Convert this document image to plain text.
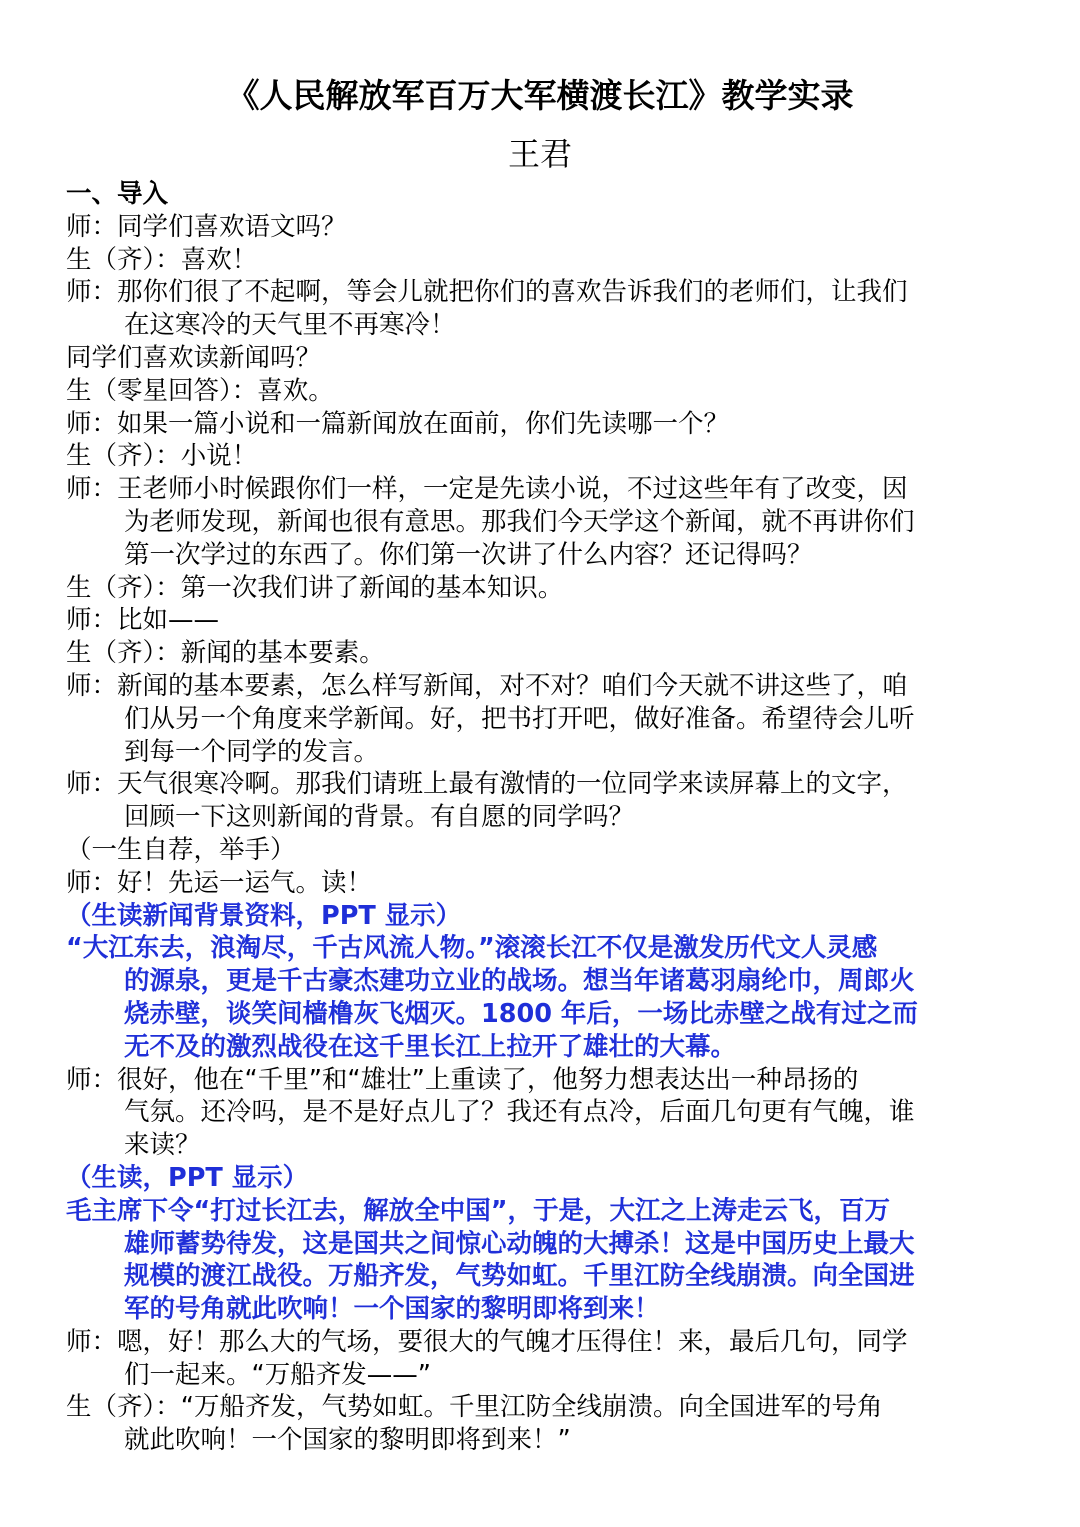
《人民解放军百万大军横渡长江》教学实录
王君
一、导入
师：同学们喜欢语文吗？
生（齐）：喜欢！
师：那你们很了不起啊，等会儿就把你们的喜欢告诉我们的老师们，让我们
在这寒冷的天气里不再寒冷！
同学们喜欢读新闻吗？
生（零星回答）：喜欢。
师：如果一篇小说和一篇新闻放在面前，你们先读哪一个？
生（齐）：小说！
师：王老师小时候跟你们一样，一定是先读小说，不过这些年有了改变，因
为老师发现，新闻也很有意思。那我们今天学这个新闻，就不再讲你们
第一次学过的东西了。你们第一次讲了什么内容？还记得吗？
生（齐）：第一次我们讲了新闻的基本知识。
师：比如——
生（齐）：新闻的基本要素。
师：新闻的基本要素，怎么样写新闻，对不对？咱们今天就不讲这些了，咱
们从另一个角度来学新闻。好，把书打开吧，做好准备。希望待会儿听
到每一个同学的发言。
师：天气很寒冷啊。那我们请班上最有激情的一位同学来读屏幕上的文字，
回顾一下这则新闻的背景。有自愿的同学吗？
（一生自荐，举手）
师：好！先运一运气。读！
（生读新闻背景资料，PPT 显示）
“大江东去，浪淘尽，千古风流人物。”滚滚长江不仅是激发历代文人灵感
的源泉，更是千古豪杰建功立业的战场。想当年诸葛羽扇纶巾，周郎火
烧赤壁，谈笑间樯橹灰飞烟灭。1800 年后，一场比赤壁之战有过之而
无不及的激烈战役在这千里长江上拉开了雄壮的大幕。
师：很好，他在“千里”和“雄壮”上重读了，他努力想表达出一种昂扬的
气氛。还冷吗，是不是好点儿了？我还有点冷，后面几句更有气魄，谁
来读？
（生读，PPT 显示）
毛主席下令“打过长江去，解放全中国”，于是，大江之上涛走云飞，百万
雄师蓄势待发，这是国共之间惊心动魄的大搏杀！这是中国历史上最大
规模的渡江战役。万船齐发，气势如虹。千里江防全线崩溃。向全国进
军的号角就此吹响！一个国家的黎明即将到来！
师：嗯，好！那么大的气场，要很大的气魄才压得住！来，最后几句，同学
们一起来。“万船齐发——”
生（齐）：“万船齐发，气势如虹。千里江防全线崩溃。向全国进军的号角
就此吹响！一个国家的黎明即将到来！”
